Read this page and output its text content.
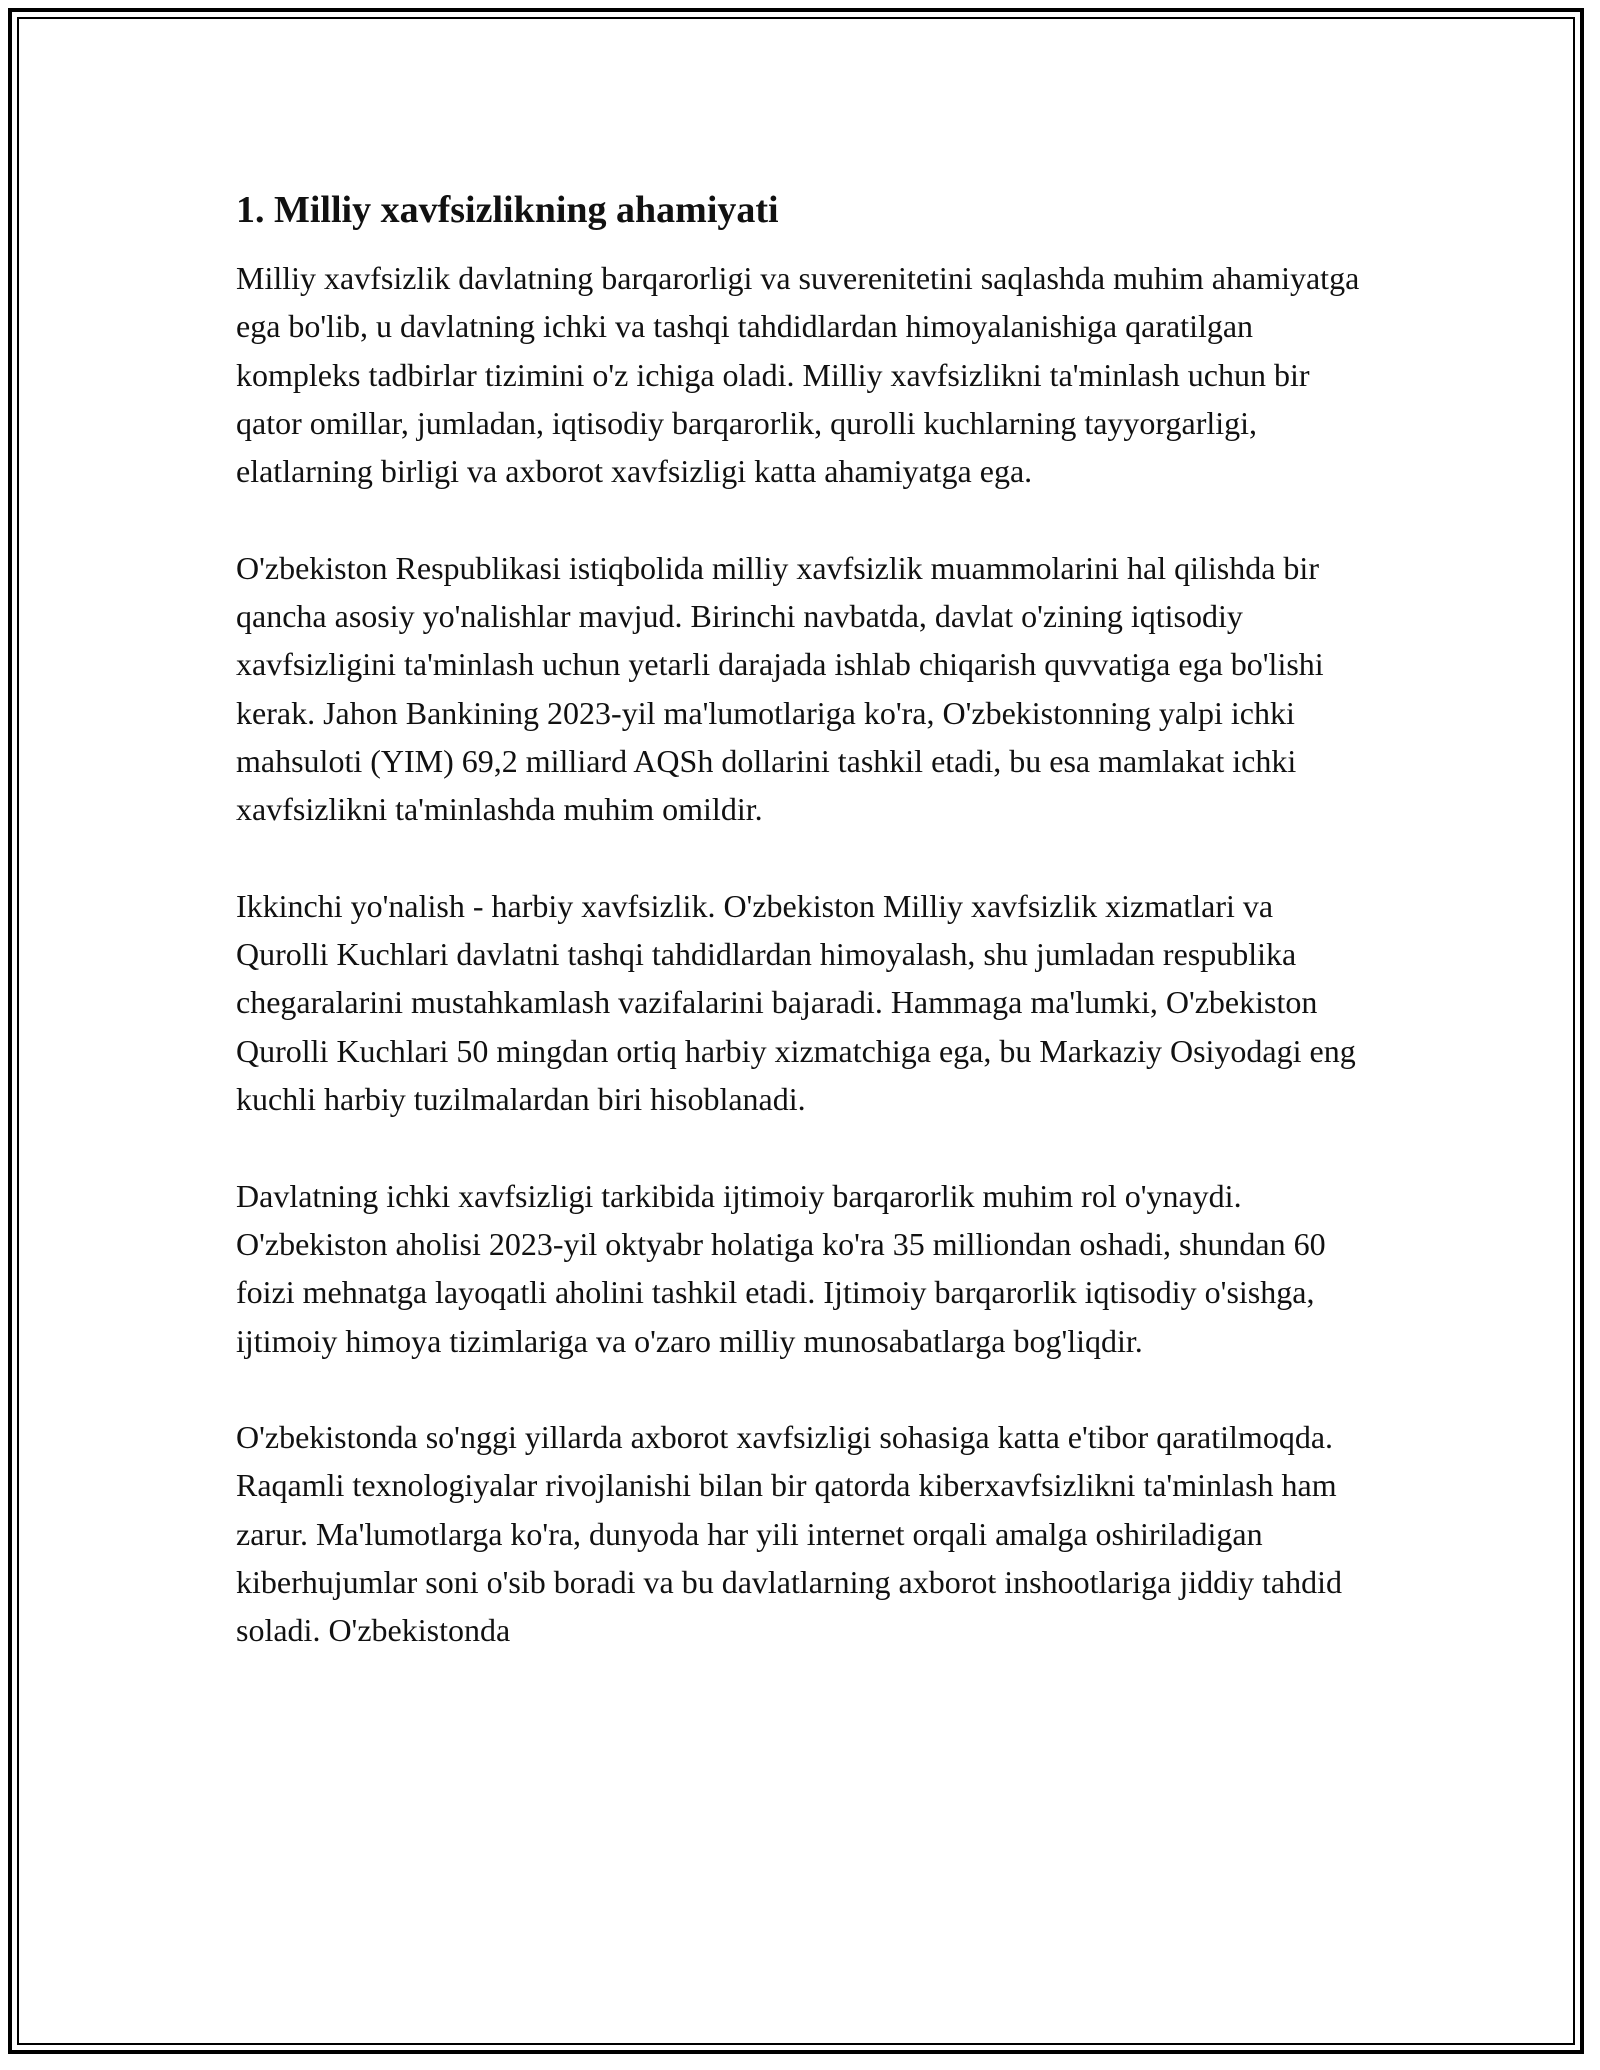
1. Milliy xavfsizlikning ahamiyati

Milliy xavfsizlik davlatning barqarorligi va suverenitetini saqlashda muhim ahamiyatga ega bo'lib, u davlatning ichki va tashqi tahdidlardan himoyalanishiga qaratilgan kompleks tadbirlar tizimini o'z ichiga oladi. Milliy xavfsizlikni ta'minlash uchun bir qator omillar, jumladan, iqtisodiy barqarorlik, qurolli kuchlarning tayyorgarligi, elatlarning birligi va axborot xavfsizligi katta ahamiyatga ega.

O'zbekiston Respublikasi istiqbolida milliy xavfsizlik muammolarini hal qilishda bir qancha asosiy yo'nalishlar mavjud. Birinchi navbatda, davlat o'zining iqtisodiy xavfsizligini ta'minlash uchun yetarli darajada ishlab chiqarish quvvatiga ega bo'lishi kerak. Jahon Bankining 2023-yil ma'lumotlariga ko'ra, O'zbekistonning yalpi ichki mahsuloti (YIM) 69,2 milliard AQSh dollarini tashkil etadi, bu esa mamlakat ichki xavfsizlikni ta'minlashda muhim omildir.

Ikkinchi yo'nalish - harbiy xavfsizlik. O'zbekiston Milliy xavfsizlik xizmatlari va Qurolli Kuchlari davlatni tashqi tahdidlardan himoyalash, shu jumladan respublika chegaralarini mustahkamlash vazifalarini bajaradi. Hammaga ma'lumki, O'zbekiston Qurolli Kuchlari 50 mingdan ortiq harbiy xizmatchiga ega, bu Markaziy Osiyodagi eng kuchli harbiy tuzilmalardan biri hisoblanadi.

Davlatning ichki xavfsizligi tarkibida ijtimoiy barqarorlik muhim rol o'ynaydi. O'zbekiston aholisi 2023-yil oktyabr holatiga ko'ra 35 milliondan oshadi, shundan 60 foizi mehnatga layoqatli aholini tashkil etadi. Ijtimoiy barqarorlik iqtisodiy o'sishga, ijtimoiy himoya tizimlariga va o'zaro milliy munosabatlarga bog'liqdir.

O'zbekistonda so'nggi yillarda axborot xavfsizligi sohasiga katta e'tibor qaratilmoqda. Raqamli texnologiyalar rivojlanishi bilan bir qatorda kiberxavfsizlikni ta'minlash ham zarur. Ma'lumotlarga ko'ra, dunyoda har yili internet orqali amalga oshiriladigan kiberhujumlar soni o'sib boradi va bu davlatlarning axborot inshootlariga jiddiy tahdid soladi. O'zbekistonda
